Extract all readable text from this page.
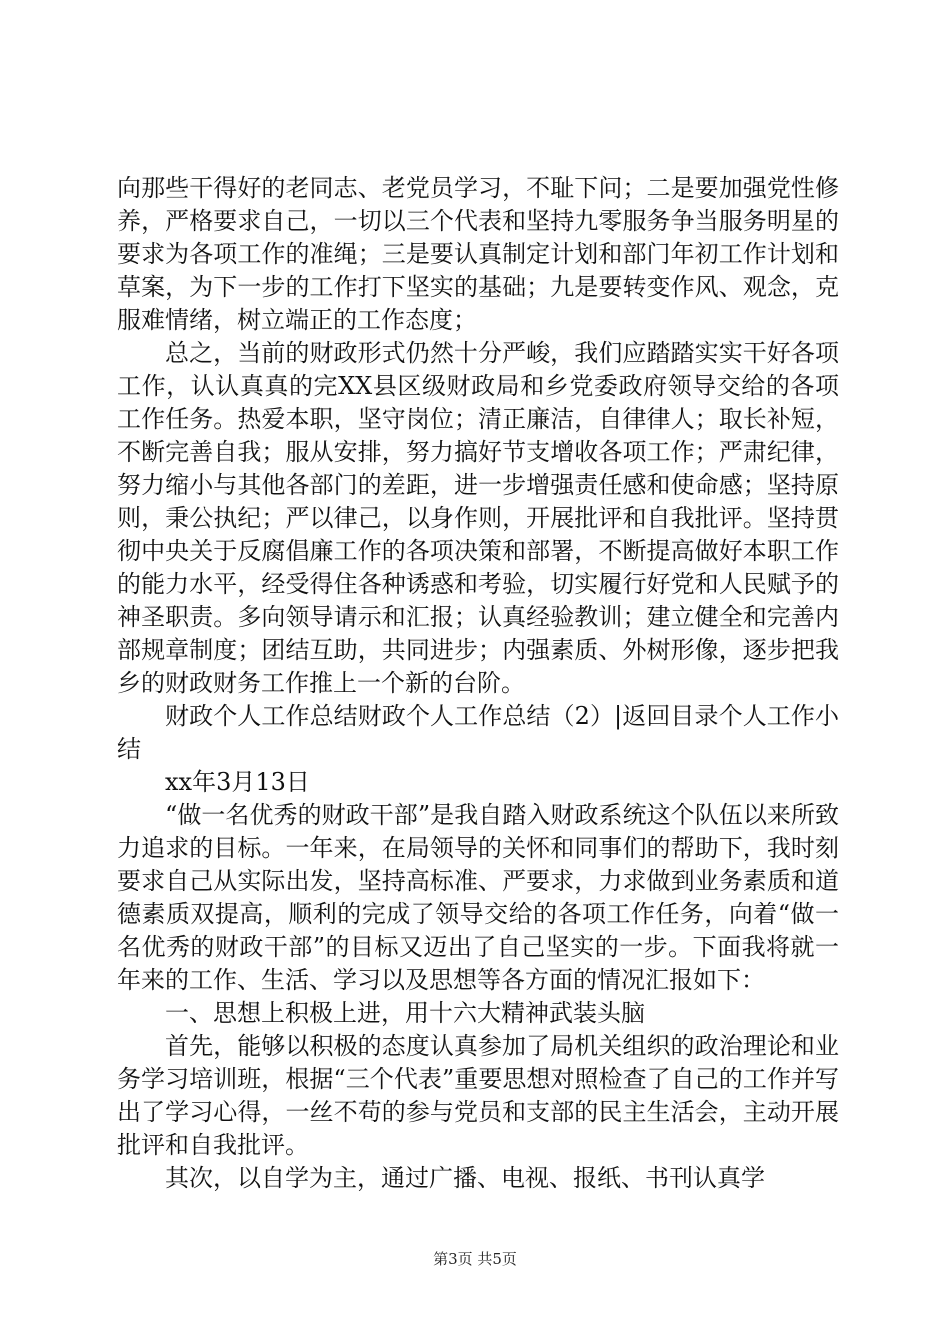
向那些干得好的老同志、老党员学习，不耻下问；二是要加强党性修养，严格要求自己，一切以三个代表和坚持九零服务争当服务明星的要求为各项工作的准绳；三是要认真制定计划和部门年初工作计划和草案，为下一步的工作打下坚实的基础；九是要转变作风、观念，克服难情绪，树立端正的工作态度；

总之，当前的财政形式仍然十分严峻，我们应踏踏实实干好各项工作，认认真真的完XX县区级财政局和乡党委政府领导交给的各项工作任务。热爱本职，坚守岗位；清正廉洁，自律律人；取长补短，不断完善自我；服从安排，努力搞好节支增收各项工作；严肃纪律，努力缩小与其他各部门的差距，进一步增强责任感和使命感；坚持原则，秉公执纪；严以律己，以身作则，开展批评和自我批评。坚持贯彻中央关于反腐倡廉工作的各项决策和部署，不断提高做好本职工作的能力水平，经受得住各种诱惑和考验，切实履行好党和人民赋予的神圣职责。多向领导请示和汇报；认真经验教训；建立健全和完善内部规章制度；团结互助，共同进步；内强素质、外树形像，逐步把我乡的财政财务工作推上一个新的台阶。

财政个人工作总结财政个人工作总结（2）|返回目录个人工作小结

xx年3月13日

“做一名优秀的财政干部”是我自踏入财政系统这个队伍以来所致力追求的目标。一年来，在局领导的关怀和同事们的帮助下，我时刻要求自己从实际出发，坚持高标准、严要求，力求做到业务素质和道德素质双提高，顺利的完成了领导交给的各项工作任务，向着“做一名优秀的财政干部”的目标又迈出了自己坚实的一步。下面我将就一年来的工作、生活、学习以及思想等各方面的情况汇报如下：

一、思想上积极上进，用十六大精神武装头脑

首先，能够以积极的态度认真参加了局机关组织的政治理论和业务学习培训班，根据“三个代表”重要思想对照检查了自己的工作并写出了学习心得，一丝不苟的参与党员和支部的民主生活会，主动开展批评和自我批评。

其次，以自学为主，通过广播、电视、报纸、书刊认真学

第3页 共5页
